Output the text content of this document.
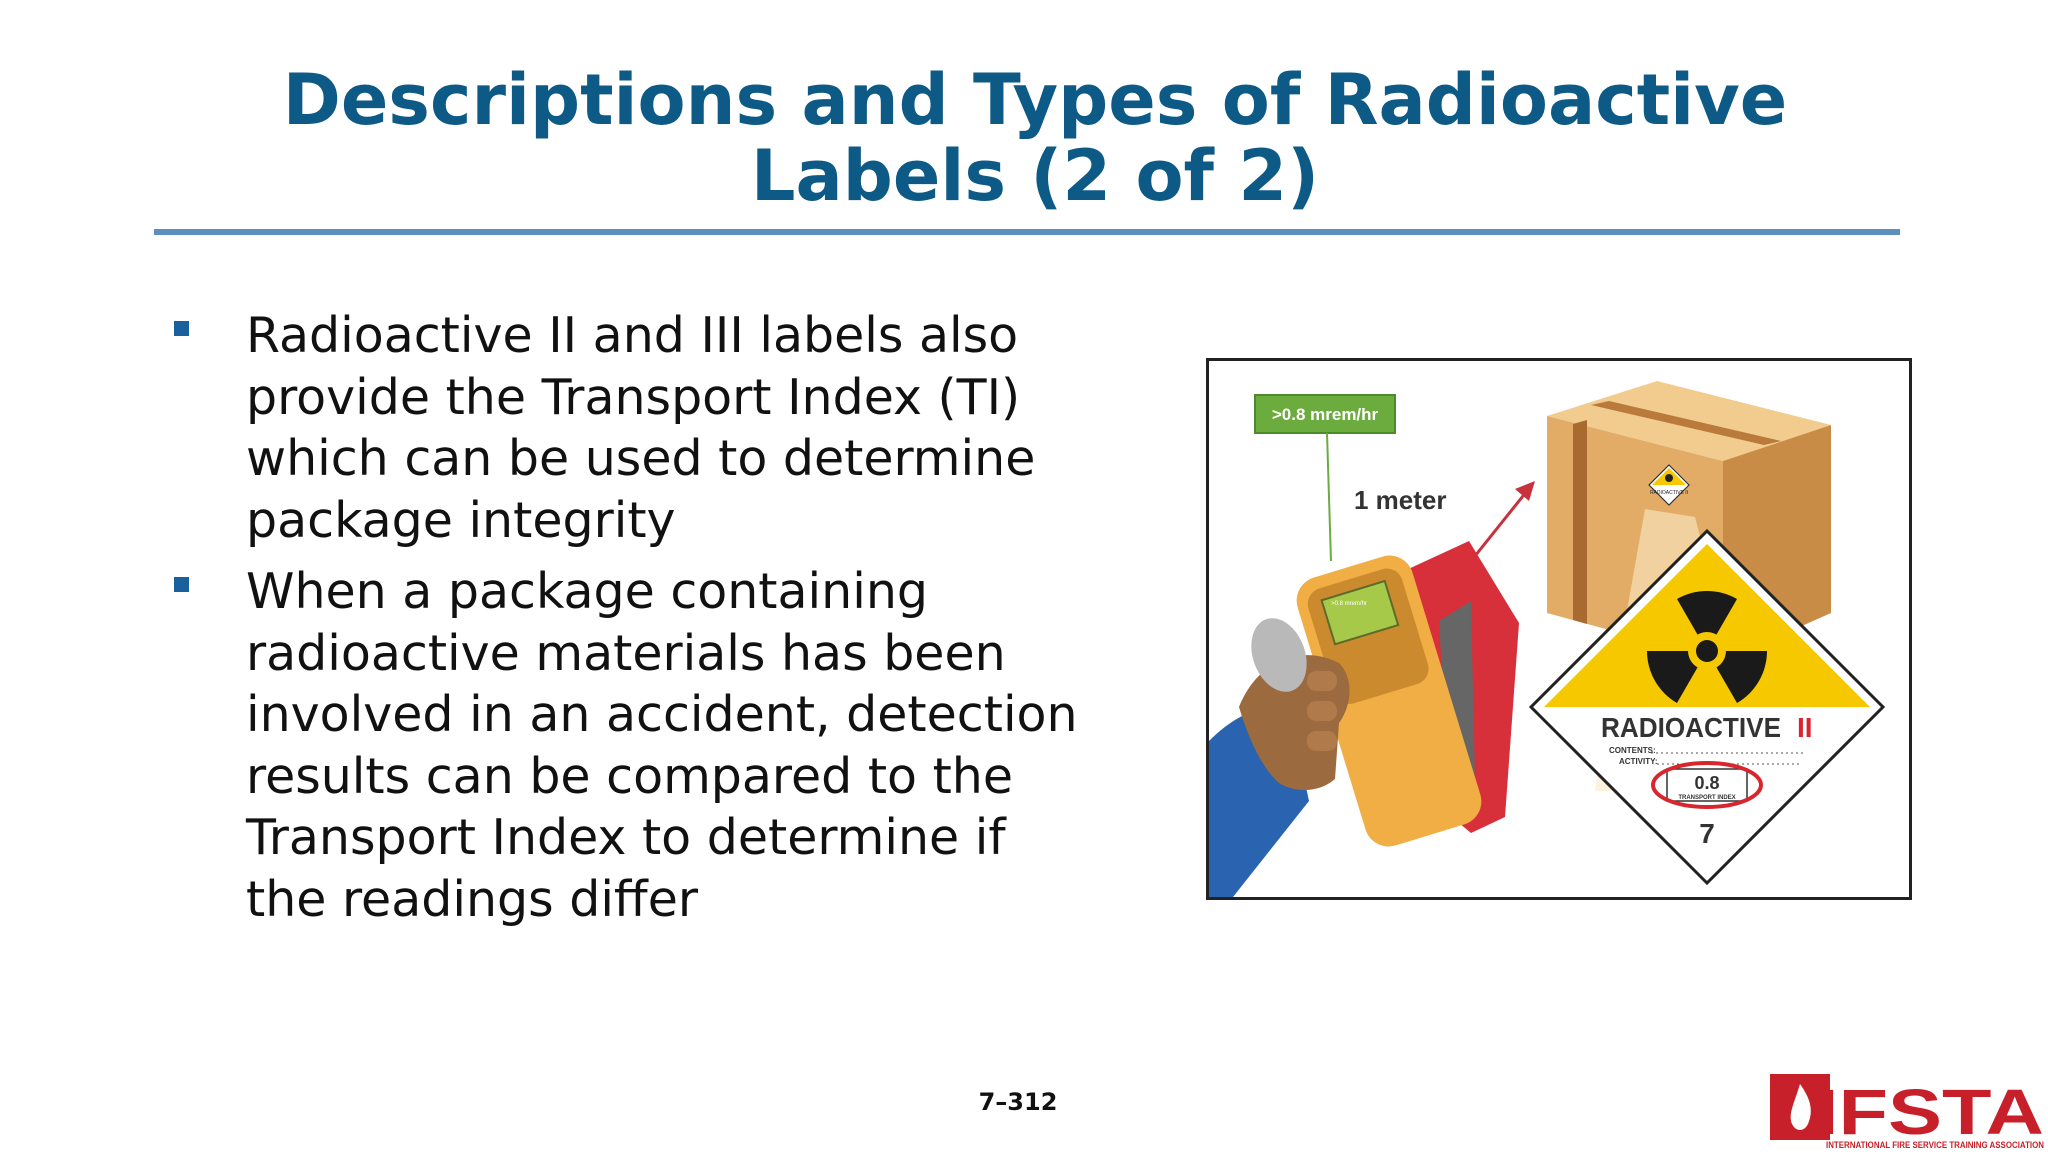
Descriptions and Types of Radioactive
Labels (2 of 2)
Radioactive II and III labels also
provide the Transport Index (TI)
which can be used to determine
package integrity
When a package containing
radioactive materials has been
involved in an accident, detection
results can be compared to the
Transport Index to determine if
the readings differ
RADIOACTIVE II
>0.8 mrem/hr
1 meter
>0.8 mrem/hr
RADIOACTIVE II
CONTENTS:
ACTIVITY:
0.8
TRANSPORT INDEX
7
7–312	IFSTA
INTERNATIONAL FIRE SERVICE TRAINING ASSOCIATION
